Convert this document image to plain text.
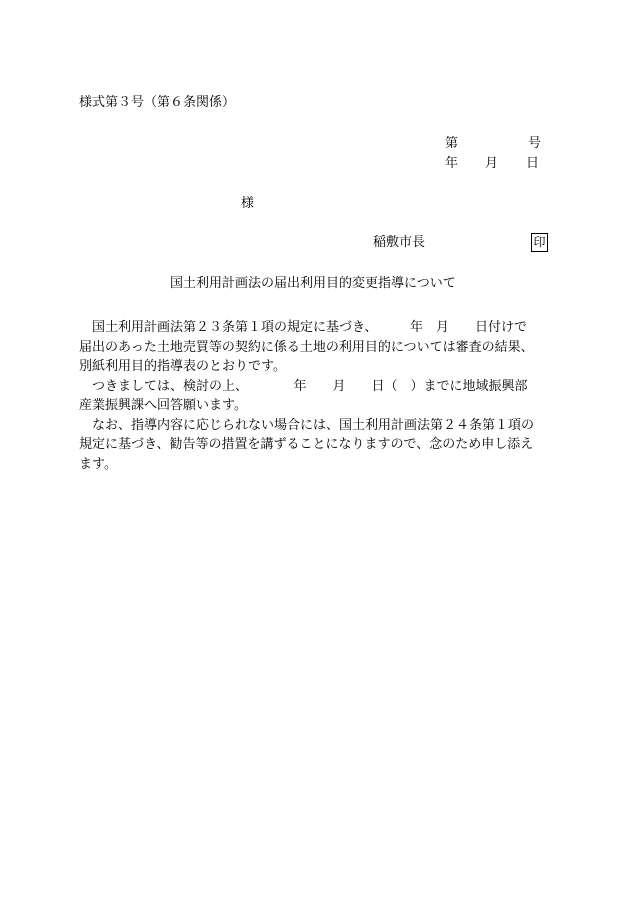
様式第３号（第６条関係）
第	号
年 月 日
様
稲敷市長	印
国土利用計画法の届出利用目的変更指導について
　国土利用計画法第２３条第１項の規定に基づき、　　　年　月　　日付けで
届出のあった土地売買等の契約に係る土地の利用目的については審査の結果、
別紙利用目的指導表のとおりです。
　つきましては、検討の上、　　　　年　　月　　日（　）までに地域振興部
産業振興課へ回答願います。
　なお、指導内容に応じられない場合には、国土利用計画法第２４条第１項の
規定に基づき、勧告等の措置を講ずることになりますので、念のため申し添え
ます。
